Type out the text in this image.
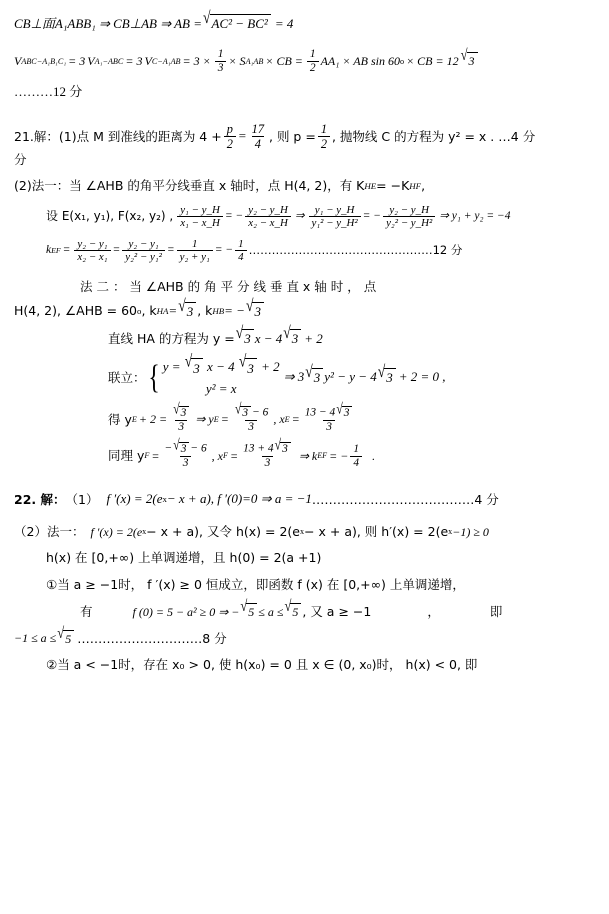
CB⊥面A₁ABB₁ ⇒ CB⊥AB ⇒ AB = √ AC² − BC² = 4
V ABC−A₁B₁C₁ = 3 V A₁−ABC = 3 V $C-A_1AB = 3 \times \frac{1}{3} \times S$ A₁AB × CB = $\frac{1}{2} AA_1$ × AB sin 60 o × CB = 12 √ 3
………12 分
21.解： (1)点 M 到准线的距离为 $4 + \frac{p}{2} = \frac{17}{4}$ , 则 $p = \frac{1}{2}$ , 抛物线 C 的方程为 y² = x . …4 分
分
(2)法一：当 ∠AHB 的角平分线垂直 x 轴时，点 H(4, 2)，有 K HE = −K HF ,
设 E(x₁, y₁), F(x₂, y₂) , $\frac{\text{y₁ − y\_H}}{\text{x₁ − x\_H}}$ = − $\frac{\text{y₂ − y\_H}}{\text{x₂ − x\_H}}$ ⇒ $\frac{\text{y₁ − y\_H}}{\text{y₁² − y\_H²}}$ = − $\frac{\text{y₂ − y\_H}}{\text{y₂² − y\_H²}}$ ⇒ y₁ + y₂ = −4
k EF = $\frac{\text{y₂ − y₁}}{\text{x₂ − x₁}} = \frac{\text{y₂ − y₁}}{\text{y₂² − y₁²}} = \frac{1}{\text{y₂ + y₁}}$ = − $\frac{1}{4}$ …………………………………………12 分
法 二 ： 当 ∠AHB 的 角 平 分 线 垂 直 x 轴 时 ， 点
H(4, 2), ∠AHB = 60 o , k HA = √ 3 , k HB = − √ 3
直线 HA 的方程为 y = √ 3 x − 4 √ 3 + 2
联立： { y = √ 3 x − 4 √ 3 + 2
y² = x
⇒ 3 √ 3 y² − y − 4 √ 3 + 2 = 0 ,
得 y $E + 2 = \frac{√ 3}{3}$ ⇒ y $E = \frac{√ 3 - 6}{3}$ , x $E = \frac{13 - 4 √ 3}{3}$
同理 y $F = \frac{- √ 3 - 6}{3}$ , x $F = \frac{13 + 4 √ 3}{3}$ ⇒ k EF = − $\frac{1}{4}$ .
22. 解： （1） f ′(x) = 2(e x − x + a), f ′(0)=0 ⇒ a = −1 ………………………………… 4 分
（2）法一： f ′(x) = 2(e x − x + a), 又令 h(x) = 2(e x − x + a), 则 h′(x) = 2(e x −1) ≥ 0
h(x) 在 [0,+∞) 上单调递增，且 h(0) = 2(a +1)
①当 a ≥ −1时， f ′(x) ≥ 0 恒成立，即函数 f (x) 在 [0,+∞) 上单调递增，
有	f (0) = 5 − a² ≥ 0 ⇒ − √ 5 ≤ a ≤ √ 5 , 又 a ≥ −1	，	即
−1 ≤ a ≤ √ 5 …………………………8 分
②当 a < −1时，存在 x₀ > 0, 使 h(x₀) = 0 且 x ∈ (0, x₀)时， h(x) < 0, 即
